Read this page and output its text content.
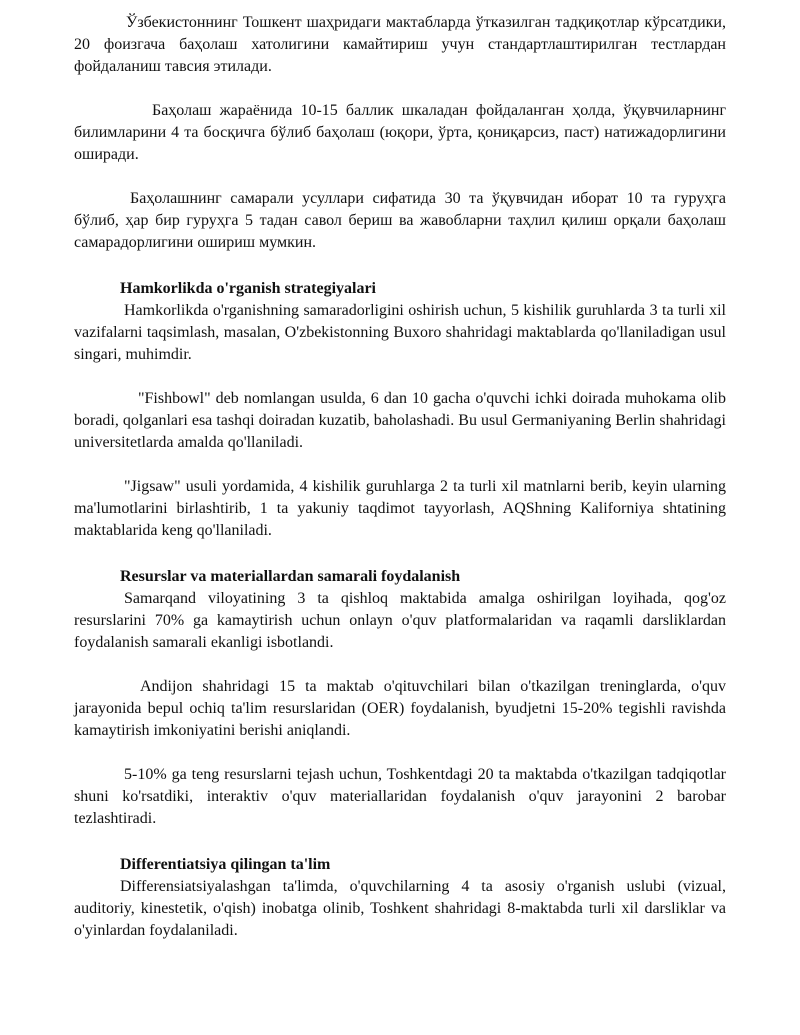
Ўзбекистоннинг Тошкент шаҳридаги мактабларда ўтказилган тадқиқотлар кўрсатдики, 20 фоизгача баҳолаш хатолигини камайтириш учун стандартлаштирилган тестлардан фойдаланиш тавсия этилади.

Баҳолаш жараёнида 10-15 баллик шкаладан фойдаланган ҳолда, ўқувчиларнинг билимларини 4 та босқичга бўлиб баҳолаш (юқори, ўрта, қониқарсиз, паст) натижадорлигини оширади.

Баҳолашнинг самарали усуллари сифатида 30 та ўқувчидан иборат 10 та гуруҳга бўлиб, ҳар бир гуруҳга 5 тадан савол бериш ва жавобларни таҳлил қилиш орқали баҳолаш самарадорлигини ошириш мумкин.

Hamkorlikda o'rganish strategiyalari

Hamkorlikda o'rganishning samaradorligini oshirish uchun, 5 kishilik guruhlarda 3 ta turli xil vazifalarni taqsimlash, masalan, O'zbekistonning Buxoro shahridagi maktablarda qo'llaniladigan usul singari, muhimdir.

"Fishbowl" deb nomlangan usulda, 6 dan 10 gacha o'quvchi ichki doirada muhokama olib boradi, qolganlari esa tashqi doiradan kuzatib, baholashadi. Bu usul Germaniyaning Berlin shahridagi universitetlarda amalda qo'llaniladi.

"Jigsaw" usuli yordamida, 4 kishilik guruhlarga 2 ta turli xil matnlarni berib, keyin ularning ma'lumotlarini birlashtirib, 1 ta yakuniy taqdimot tayyorlash, AQShning Kaliforniya shtatining maktablarida keng qo'llaniladi.

Resurslar va materiallardan samarali foydalanish

Samarqand viloyatining 3 ta qishloq maktabida amalga oshirilgan loyihada, qog'oz resurslarini 70% ga kamaytirish uchun onlayn o'quv platformalaridan va raqamli darsliklardan foydalanish samarali ekanligi isbotlandi.

Andijon shahridagi 15 ta maktab o'qituvchilari bilan o'tkazilgan treninglarda, o'quv jarayonida bepul ochiq ta'lim resurslaridan (OER) foydalanish, byudjetni 15-20% tegishli ravishda kamaytirish imkoniyatini berishi aniqlandi.

5-10% ga teng resurslarni tejash uchun, Toshkentdagi 20 ta maktabda o'tkazilgan tadqiqotlar shuni ko'rsatdiki, interaktiv o'quv materiallaridan foydalanish o'quv jarayonini 2 barobar tezlashtiradi.

Differentiatsiya qilingan ta'lim

Differensiatsiyalashgan ta'limda, o'quvchilarning 4 ta asosiy o'rganish uslubi (vizual, auditoriy, kinestetik, o'qish) inobatga olinib, Toshkent shahridagi 8-maktabda turli xil darsliklar va o'yinlardan foydalaniladi.
